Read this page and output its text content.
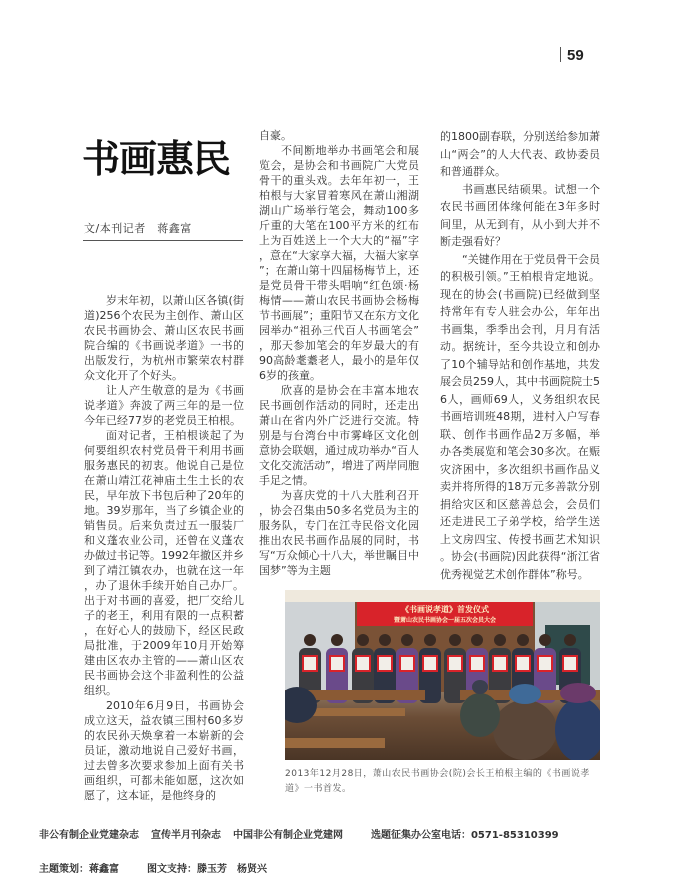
59
书画惠民
文/本刊记者　蒋鑫富

岁末年初，以萧山区各镇(街道)256个农民为主创作、萧山区农民书画协会、萧山区农民书画院合编的《书画说孝道》一书的出版发行，为杭州市繁荣农村群众文化开了个好头。

让人产生敬意的是为《书画说孝道》奔波了两三年的是一位今年已经77岁的老党员王柏根。

面对记者，王柏根谈起了为何要组织农村党员骨干利用书画服务惠民的初衷。他说自己是位在萧山靖江花神庙土生土长的农民，早年放下书包后种了20年的地。39岁那年，当了乡镇企业的销售员。后来负责过五一服装厂和义蓬农业公司，还曾在义蓬农办做过书记等。1992年撤区并乡到了靖江镇农办，也就在这一年，办了退休手续开始自己办厂。出于对书画的喜爱，把厂交给儿子的老王，利用有限的一点积蓄，在好心人的鼓励下，经区民政局批准，于2009年10月开始筹建由区农办主管的——萧山区农民书画协会这个非盈利性的公益组织。

2010年6月9日，书画协会成立这天，益农镇三围村60多岁的农民孙天焕拿着一本崭新的会员证，激动地说自己爱好书画，过去曾多次要求参加上面有关书画组织，可都未能如愿，这次如愿了，这本证，是他终身的

自豪。

不间断地举办书画笔会和展览会，是协会和书画院广大党员骨干的重头戏。去年年初一，王柏根与大家冒着寒风在萧山湘湖湖山广场举行笔会，舞动100多斤重的大笔在100平方米的红布上为百姓送上一个大大的“福”字，意在“大家享大福，大福大家享”；在萧山第十四届杨梅节上，还是党员骨干带头唱响“红色颂·杨梅情——萧山农民书画协会杨梅节书画展”；重阳节又在东方文化园举办“祖孙三代百人书画笔会”，那天参加笔会的年岁最大的有90高龄耄耋老人，最小的是年仅6岁的孩童。

欣喜的是协会在丰富本地农民书画创作活动的同时，还走出萧山在省内外广泛进行交流。特别是与台湾台中市雾峰区文化创意协会联姻，通过成功举办“百人文化交流活动”，增进了两岸同胞手足之情。

为喜庆党的十八大胜利召开，协会召集由50多名党员为主的服务队，专门在江寺民俗文化园推出农民书画作品展的同时，书写“万众倾心十八大，举世瞩目中国梦”等为主题

的1800副春联，分别送给参加萧山“两会”的人大代表、政协委员和普通群众。

书画惠民结硕果。试想一个农民书画团体缘何能在3年多时间里，从无到有，从小到大并不断走强看好？

“关键作用在于党员骨干会员的积极引领。”王柏根肯定地说。现在的协会(书画院)已经做到坚持常年有专人驻会办公，年年出书画集，季季出会刊，月月有活动。据统计，至今共设立和创办了10个辅导站和创作基地，共发展会员259人，其中书画院院士56人，画师69人，义务组织农民书画培训班48期，进村入户写春联、创作书画作品2万多幅，举办各类展览和笔会30多次。在赈灾济困中，多次组织书画作品义卖并将所得的18万元多善款分别捐给灾区和区慈善总会，会员们还走进民工子弟学校，给学生送上文房四宝、传授书画艺术知识。协会(书画院)因此获得“浙江省优秀视觉艺术创作群体”称号。

《书画说孝道》首发仪式
暨萧山农民书画协会一届五次会员大会
2013年12月28日，萧山农民书画协会(院)会长王柏根主编的《书画说孝道》一书首发。

非公有制企业党建杂志 宣传半月刊杂志 中国非公有制企业党建网	选题征集办公室电话：0571-85310399

主题策划：蒋鑫富	图文支持：滕玉芳　杨贤兴
